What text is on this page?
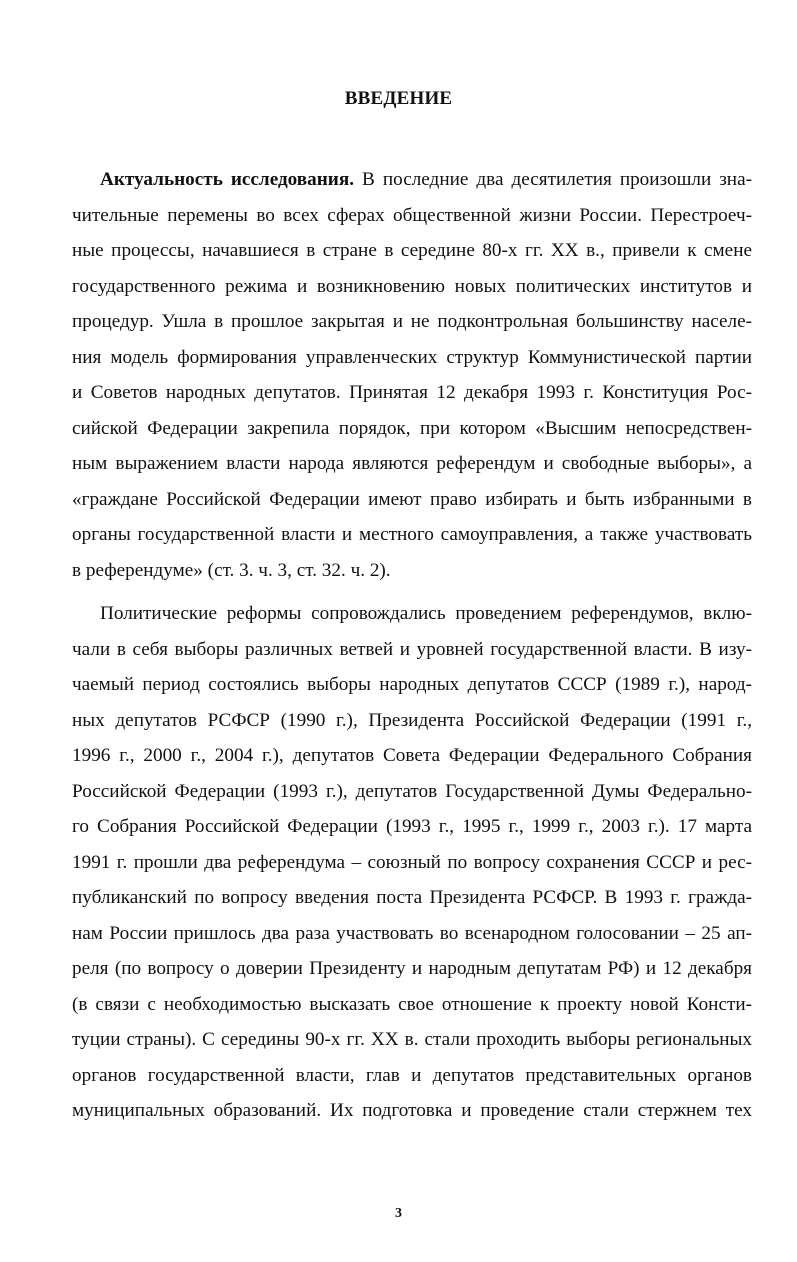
ВВЕДЕНИЕ
Актуальность исследования. В последние два десятилетия произошли зна-
чительные перемены во всех сферах общественной жизни России. Перестроеч-
ные процессы, начавшиеся в стране в середине 80-х гг. XX в., привели к смене
государственного режима и возникновению новых политических институтов и
процедур. Ушла в прошлое закрытая и не подконтрольная большинству населе-
ния модель формирования управленческих структур Коммунистической партии
и Советов народных депутатов. Принятая 12 декабря 1993 г. Конституция Рос-
сийской Федерации закрепила порядок, при котором «Высшим непосредствен-
ным выражением власти народа являются референдум и свободные выборы», а
«граждане Российской Федерации имеют право избирать и быть избранными в
органы государственной власти и местного самоуправления, а также участвовать
в референдуме» (ст. 3. ч. 3, ст. 32. ч. 2).
Политические реформы сопровождались проведением референдумов, вклю-
чали в себя выборы различных ветвей и уровней государственной власти. В изу-
чаемый период состоялись выборы народных депутатов СССР (1989 г.), народ-
ных депутатов РСФСР (1990 г.), Президента Российской Федерации (1991 г.,
1996 г., 2000 г., 2004 г.), депутатов Совета Федерации Федерального Собрания
Российской Федерации (1993 г.), депутатов Государственной Думы Федерально-
го Собрания Российской Федерации (1993 г., 1995 г., 1999 г., 2003 г.). 17 марта
1991 г. прошли два референдума – союзный по вопросу сохранения СССР и рес-
публиканский по вопросу введения поста Президента РСФСР. В 1993 г. гражда-
нам России пришлось два раза участвовать во всенародном голосовании – 25 ап-
реля (по вопросу о доверии Президенту и народным депутатам РФ) и 12 декабря
(в связи с необходимостью высказать свое отношение к проекту новой Консти-
туции страны). С середины 90-х гг. XX в. стали проходить выборы региональных
органов государственной власти, глав и депутатов представительных органов
муниципальных образований. Их подготовка и проведение стали стержнем тех
3
